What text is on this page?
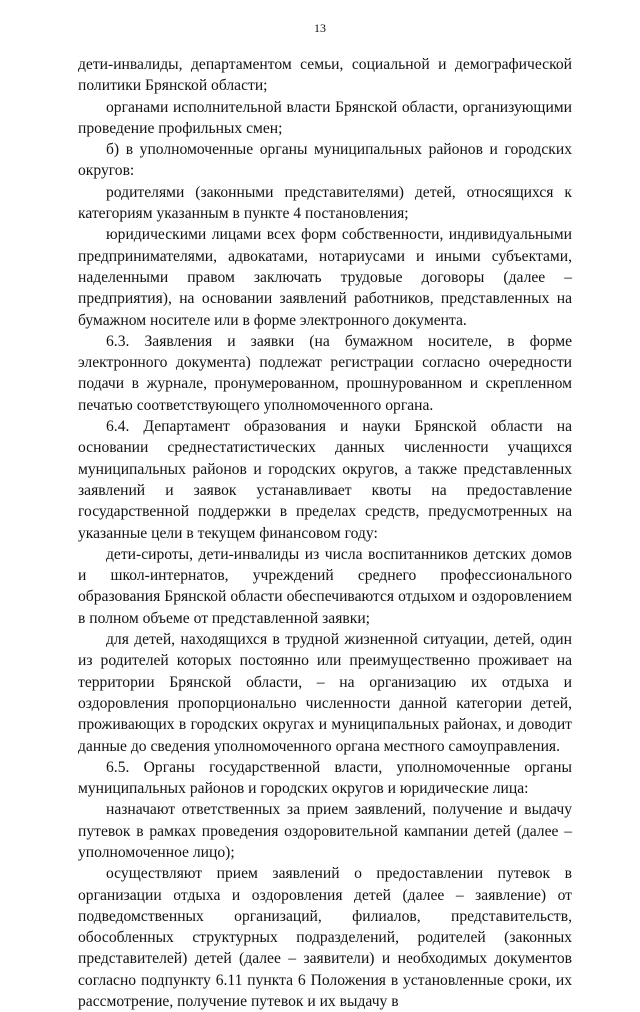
13

дети-инвалиды, департаментом семьи, социальной и демографической политики Брянской области;

органами исполнительной власти Брянской области, организующими проведение профильных смен;

б) в уполномоченные органы муниципальных районов и городских округов:

родителями (законными представителями) детей, относящихся к категориям указанным в пункте 4 постановления;

юридическими лицами всех форм собственности, индивидуальными предпринимателями, адвокатами, нотариусами и иными субъектами, наделенными правом заключать трудовые договоры (далее – предприятия), на основании заявлений работников, представленных на бумажном носителе или в форме электронного документа.

6.3. Заявления и заявки (на бумажном носителе, в форме электронного документа) подлежат регистрации согласно очередности подачи в журнале, пронумерованном, прошнурованном и скрепленном печатью соответствующего уполномоченного органа.

6.4. Департамент образования и науки Брянской области на основании среднестатистических данных численности учащихся муниципальных районов и городских округов, а также представленных заявлений и заявок устанавливает квоты на предоставление государственной поддержки в пределах средств, предусмотренных на указанные цели в текущем финансовом году:

дети-сироты, дети-инвалиды из числа воспитанников детских домов и школ-интернатов, учреждений среднего профессионального образования Брянской области обеспечиваются отдыхом и оздоровлением в полном объеме от представленной заявки;

для детей, находящихся в трудной жизненной ситуации, детей, один из родителей которых постоянно или преимущественно проживает на территории Брянской области, – на организацию их отдыха и оздоровления пропорционально численности данной категории детей, проживающих в городских округах и муниципальных районах, и доводит данные до сведения уполномоченного органа местного самоуправления.

6.5. Органы государственной власти, уполномоченные органы муниципальных районов и городских округов и юридические лица:

назначают ответственных за прием заявлений, получение и выдачу путевок в рамках проведения оздоровительной кампании детей (далее – уполномоченное лицо);

осуществляют прием заявлений о предоставлении путевок в организации отдыха и оздоровления детей (далее – заявление) от подведомственных организаций, филиалов, представительств, обособленных структурных подразделений, родителей (законных представителей) детей (далее – заявители) и необходимых документов согласно подпункту 6.11 пункта 6 Положения в установленные сроки, их рассмотрение, получение путевок и их выдачу в
